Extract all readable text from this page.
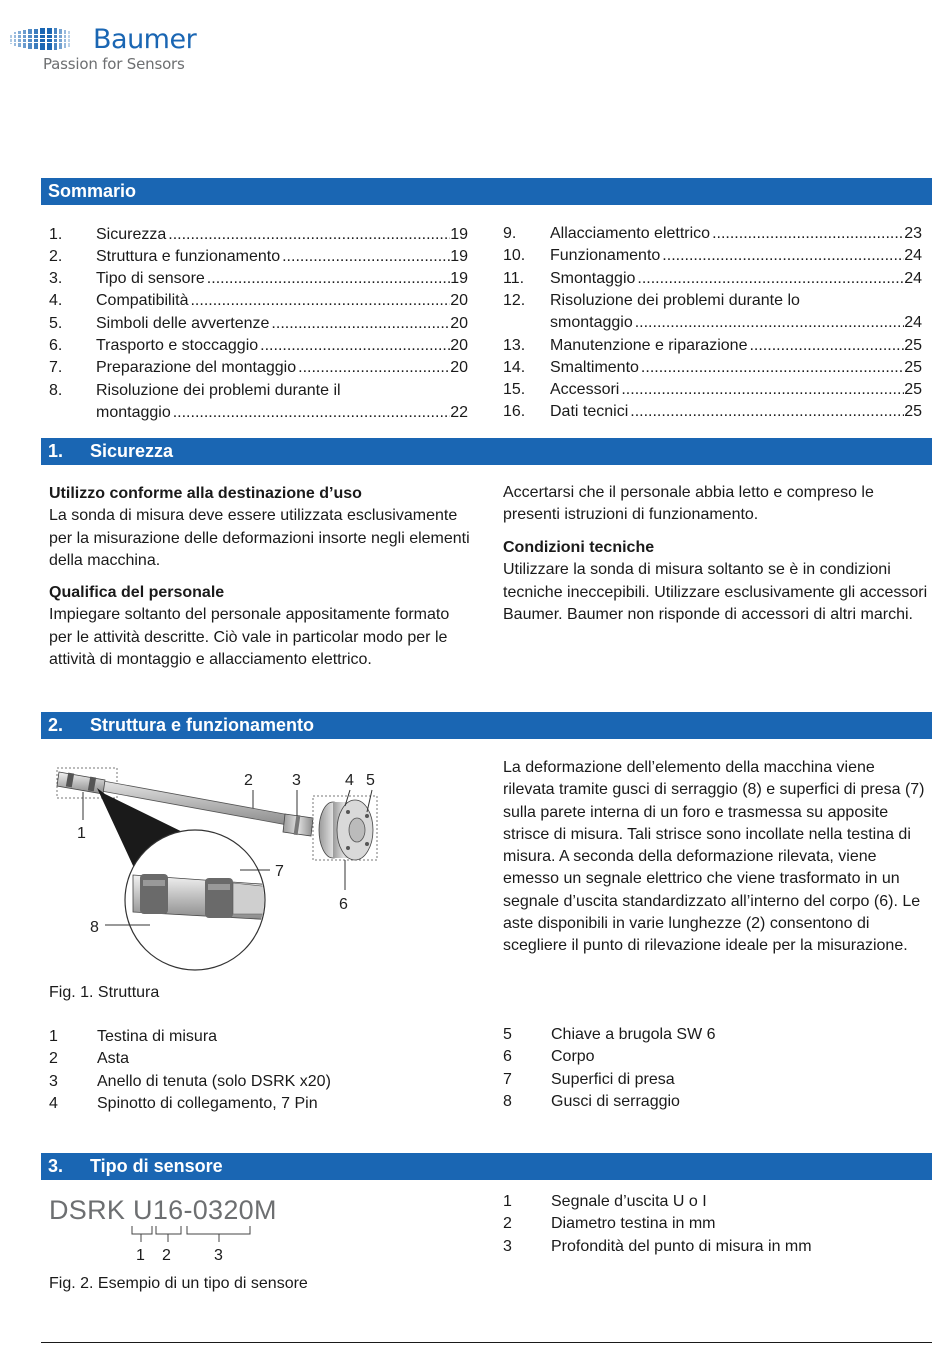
Baumer
Passion for Sensors
Sommario
1.	Sicurezza .....	19
2.	Struttura e funzionamento .....	19
3.	Tipo di sensore .....	19
4.	Compatibilità .....	20
5.	Simboli delle avvertenze .....	20
6.	Trasporto e stoccaggio .....	20
7.	Preparazione del montaggio .....	20
8.	Risoluzione dei problemi durante il
montaggio .....	22
9.	Allacciamento elettrico .....	23
10.	Funzionamento .....	24
11.	Smontaggio .....	24
12.	Risoluzione dei problemi durante lo
smontaggio .....	24
13.	Manutenzione e riparazione .....	25
14.	Smaltimento .....	25
15.	Accessori .....	25
16.	Dati tecnici .....	25
1. Sicurezza
Utilizzo conforme alla destinazione d’uso
La sonda di misura deve essere utilizzata esclusivamente per la misurazione delle deformazioni insorte negli elementi della macchina.
Qualifica del personale
Impiegare soltanto del personale appositamente formato per le attività descritte. Ciò vale in particolar modo per le attività di montaggio e allacciamento elettrico.
Accertarsi che il personale abbia letto e compreso le presenti istruzioni di funzionamento.
Condizioni tecniche
Utilizzare la sonda di misura soltanto se è in condizioni tecniche ineccepibili. Utilizzare esclusivamente gli accessori Baumer. Baumer non risponde di accessori di altri marchi.
2. Struttura e funzionamento
1
2 3	4 5
6
7
8
Fig. 1. Struttura
La deformazione dell’elemento della macchina viene rilevata tramite gusci di serraggio (8) e superfici di presa (7) sulla parete interna di un foro e trasmessa su apposite strisce di misura. Tali strisce sono incollate nella testina di misura. A seconda della deformazione rilevata, viene emesso un segnale elettrico che viene trasformato in un segnale d’uscita standardizzato all’interno del corpo (6). Le aste disponibili in varie lunghezze (2) consentono di scegliere il punto di rilevazione ideale per la misurazione.
1	Testina di misura
2	Asta
3	Anello di tenuta (solo DSRK x20)
4	Spinotto di collegamento, 7 Pin
5	Chiave a brugola SW 6
6	Corpo
7	Superfici di presa
8	Gusci di serraggio
3. Tipo di sensore
DSRK U16-0320M
1 2	3
Fig. 2. Esempio di un tipo di sensore
1	Segnale d’uscita U o I
2	Diametro testina in mm
3	Profondità del punto di misura in mm
